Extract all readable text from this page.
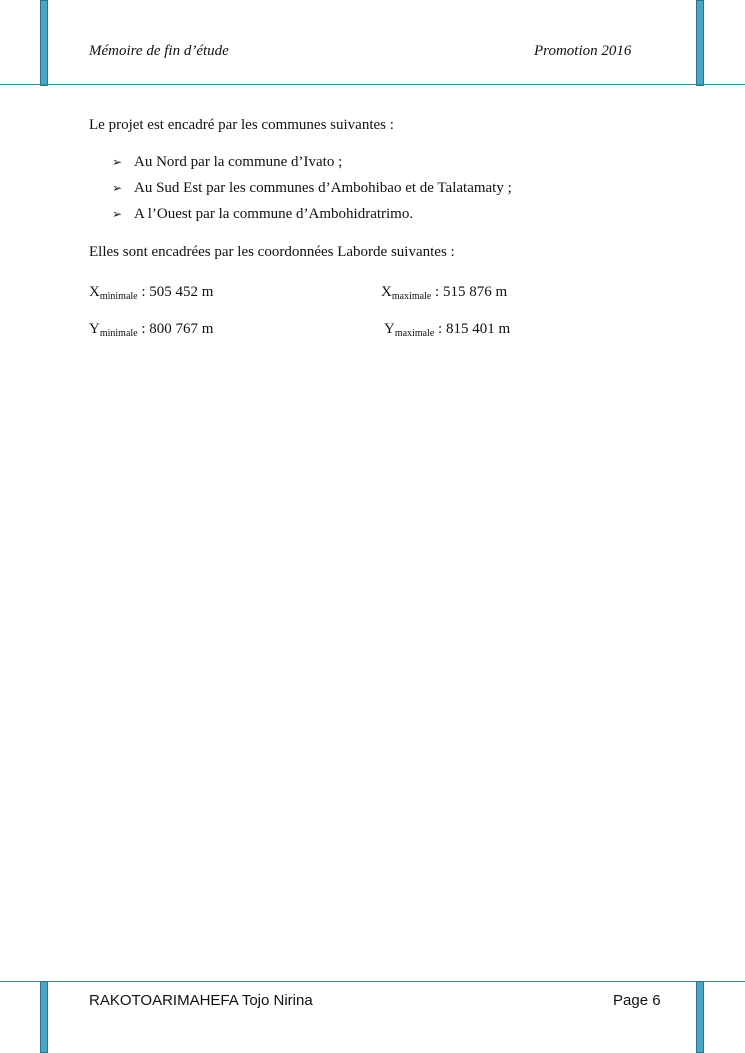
Mémoire de fin d’étude	Promotion 2016
Le projet est encadré par les communes suivantes :
➢ Au Nord par la commune d’Ivato ;
➢ Au Sud Est par les communes d’Ambohibao et de Talatamaty ;
➢ A l’Ouest par la commune d’Ambohidratrimo.
Elles sont encadrées par les coordonnées Laborde suivantes :
$X_{minimale}$ : 505 452 m	$X_{maximale}$ : 515 876 m
$Y_{minimale}$ : 800 767 m	$Y_{maximale}$ : 815 401 m
RAKOTOARIMAHEFA Tojo Nirina	Page 6
